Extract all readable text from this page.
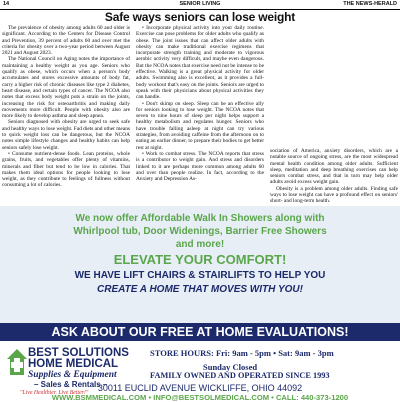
14	SENIOR LIVING	THE NEWS-HERALD
Safe ways seniors can lose weight

The prevalence of obesity among adults 60 and older is significant. According to the Centers for Disease Control and Prevention, 39 percent of adults 60 and over met the criteria for obesity over a two-year period between August 2021 and August 2023.

The National Council on Aging notes the importance of maintaining a healthy weight as you age. Seniors who qualify as obese, which occurs when a person's body accumulates and stores excessive amounts of body fat, carry a higher risk of chronic diseases like type 2 diabetes, heart disease, and certain types of cancer. The NCOA also notes that excess body weight puts a strain on the joints, increasing the risk for osteoarthritis and making daily movements more difficult. People with obesity also are more likely to develop asthma and sleep apnea.

Seniors diagnosed with obesity are urged to seek safe and healthy ways to lose weight. Fad diets and other means to quick weight loss can be dangerous, but the NCOA notes simple lifestyle changes and healthy habits can help seniors safely lose weight.

• Consume nutrient-dense foods. Lean proteins, whole grains, fruits, and vegetables offer plenty of vitamins, minerals and fiber but tend to be low in calories. That makes them ideal options for people looking to lose weight, as they contribute to feelings of fullness without consuming a lot of calories.

• Incorporate physical activity into your daily routine. Exercise can pose problems for older adults who qualify as obese. The joint issues that can affect older adults with obesity can make traditional exercise regimens that incorporate strength training and moderate to vigorous aerobic activity very difficult, and maybe even dangerous. But the NCOA notes that exercise need not be intense to be effective. Walking is a great physical activity for older adults. Swimming also is excellent, as it provides a full-body workout that's easy on the joints. Seniors are urged to speak with their physicians about physical activities they can handle.

• Don't skimp on sleep. Sleep can be an effective ally for seniors looking to lose weight. The NCOA notes that seven to nine hours of sleep per night helps support a healthy metabolism and regulates hunger. Seniors who have trouble falling asleep at night can try various strategies, from avoiding caffeine from the afternoon on to eating an earlier dinner, to prepare their bodies to get better rest at night.

• Work to combat stress. The NCOA reports that stress is a contributor to weight gain. And stress and disorders linked to it are perhaps more common among adults 60 and over than people realize. In fact, according to the Anxiety and Depression As-

sociation of America, anxiety disorders, which are a notable source of ongoing stress, are the most widespread mental health condition among older adults. Sufficient sleep, meditation and deep breathing exercises can help seniors combat stress, and that in turn may help older adults avoid excess weight gain.

Obesity is a problem among older adults. Finding safe ways to lose weight can have a profound effect on seniors' short- and long-term health.

We now offer Affordable Walk In Showers along with
Whirlpool tub, Door Widenings, Barrier Free Showers
and more!
ELEVATE YOUR COMFORT!
WE HAVE LIFT CHAIRS & STAIRLIFTS TO HELP YOU
CREATE A HOME THAT MOVES WITH YOU!
ASK ABOUT OUR FREE AT HOME EVALUATIONS!
BEST SOLUTIONS
HOME MEDICAL
Supplies & Equipment
– Sales & Rentals –
"Live Healthier. Live Better!"
STORE HOURS: Fri: 9am - 5pm • Sat: 9am - 3pm
Sunday Closed
FAMILY OWNED AND OPERATED SINCE 1993
30011 EUCLID AVENUE WICKLIFFE, OHIO 44092
WWW.BSMMEDICAL.COM • INFO@BESTSOLMEDICAL.COM • CALL: 440-373-1200
